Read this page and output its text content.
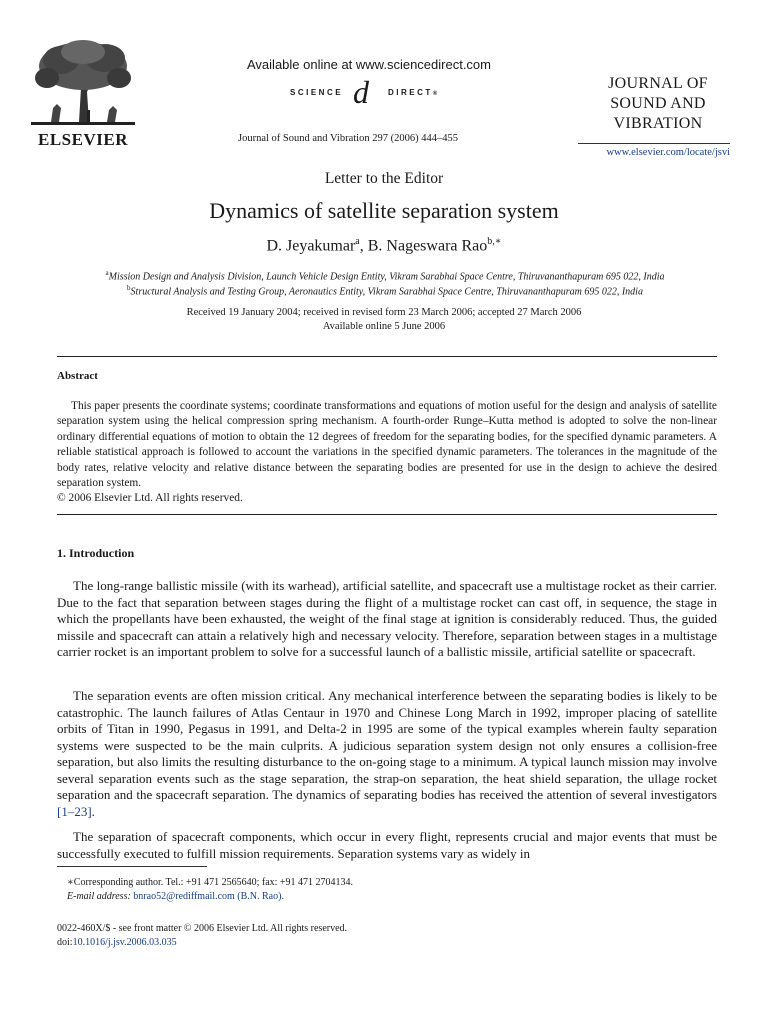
ELSEVIER
Available online at www.sciencedirect.com
SCIENCE d DIRECT®
Journal of Sound and Vibration 297 (2006) 444–455
JOURNAL OF
SOUND AND
VIBRATION
www.elsevier.com/locate/jsvi
Letter to the Editor
Dynamics of satellite separation system
D. Jeyakumar$^a$, B. Nageswara Rao$^{b,∗}$
$^a$Mission Design and Analysis Division, Launch Vehicle Design Entity, Vikram Sarabhai Space Centre, Thiruvananthapuram 695 022, India
$^b$Structural Analysis and Testing Group, Aeronautics Entity, Vikram Sarabhai Space Centre, Thiruvananthapuram 695 022, India
Received 19 January 2004; received in revised form 23 March 2006; accepted 27 March 2006
Available online 5 June 2006
Abstract
This paper presents the coordinate systems; coordinate transformations and equations of motion useful for the design and analysis of satellite separation system using the helical compression spring mechanism. A fourth-order Runge–Kutta method is adopted to solve the non-linear ordinary differential equations of motion to obtain the 12 degrees of freedom for the separating bodies, for the specified dynamic parameters. A reliable statistical approach is followed to account the variations in the specified dynamic parameters. The tolerances in the magnitude of the body rates, relative velocity and relative distance between the separating bodies are presented for use in the design to achieve the desired separation system.
© 2006 Elsevier Ltd. All rights reserved.
1. Introduction
The long-range ballistic missile (with its warhead), artificial satellite, and spacecraft use a multistage rocket as their carrier. Due to the fact that separation between stages during the flight of a multistage rocket can cast off, in sequence, the stage in which the propellants have been exhausted, the weight of the final stage at ignition is considerably reduced. Thus, the guided missile and spacecraft can attain a relatively high and necessary velocity. Therefore, separation between stages in a multistage carrier rocket is an important problem to solve for a successful launch of a ballistic missile, artificial satellite or spacecraft.
The separation events are often mission critical. Any mechanical interference between the separating bodies is likely to be catastrophic. The launch failures of Atlas Centaur in 1970 and Chinese Long March in 1992, improper placing of satellite orbits of Titan in 1990, Pegasus in 1991, and Delta-2 in 1995 are some of the typical examples wherein faulty separation systems were suspected to be the main culprits. A judicious separation system design not only ensures a collision-free separation, but also limits the resulting disturbance to the on-going stage to a minimum. A typical launch mission may involve several separation events such as the stage separation, the strap-on separation, the heat shield separation, the ullage rocket separation and the spacecraft separation. The dynamics of separating bodies has received the attention of several investigators [1–23].
The separation of spacecraft components, which occur in every flight, represents crucial and major events that must be successfully executed to fulfill mission requirements. Separation systems vary as widely in
∗Corresponding author. Tel.: +91 471 2565640; fax: +91 471 2704134.
E-mail address: bnrao52@rediffmail.com (B.N. Rao).
0022-460X/$ - see front matter © 2006 Elsevier Ltd. All rights reserved.
doi:10.1016/j.jsv.2006.03.035
